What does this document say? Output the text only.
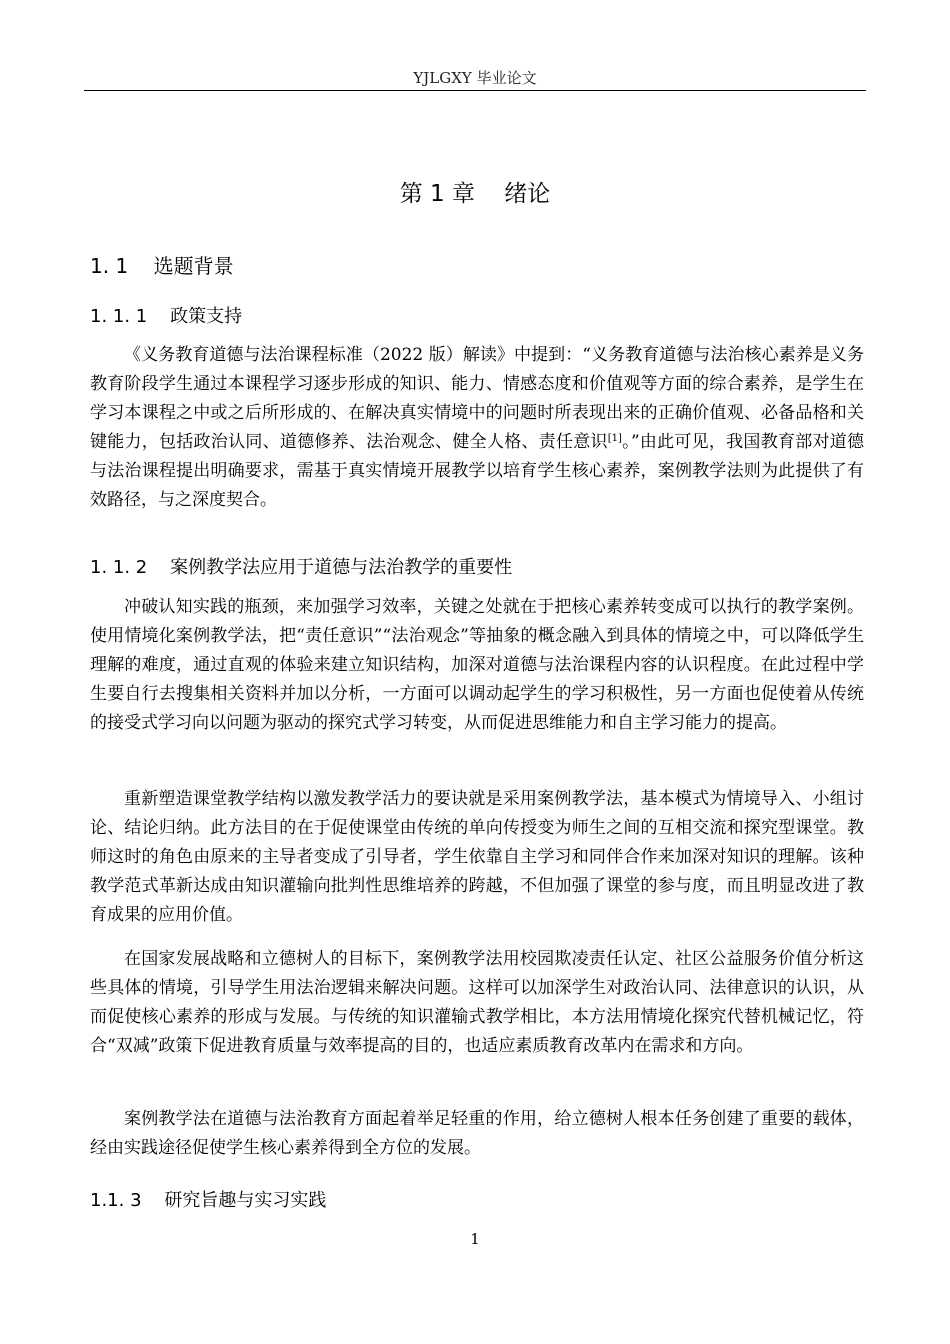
YJLGXY 毕业论文
第 1 章    绪论
1. 1    选题背景
1. 1. 1    政策支持

《义务教育道德与法治课程标准（2022 版）解读》中提到：“义务教育道德与法治核心素养是义务教育阶段学生通过本课程学习逐步形成的知识、能力、情感态度和价值观等方面的综合素养，是学生在学习本课程之中或之后所形成的、在解决真实情境中的问题时所表现出来的正确价值观、必备品格和关键能力，包括政治认同、道德修养、法治观念、健全人格、责任意识[1]。”由此可见，我国教育部对道德与法治课程提出明确要求，需基于真实情境开展教学以培育学生核心素养，案例教学法则为此提供了有效路径，与之深度契合。

1. 1. 2    案例教学法应用于道德与法治教学的重要性

冲破认知实践的瓶颈，来加强学习效率，关键之处就在于把核心素养转变成可以执行的教学案例。使用情境化案例教学法，把“责任意识”“法治观念”等抽象的概念融入到具体的情境之中，可以降低学生理解的难度，通过直观的体验来建立知识结构，加深对道德与法治课程内容的认识程度。在此过程中学生要自行去搜集相关资料并加以分析，一方面可以调动起学生的学习积极性，另一方面也促使着从传统的接受式学习向以问题为驱动的探究式学习转变，从而促进思维能力和自主学习能力的提高。

重新塑造课堂教学结构以激发教学活力的要诀就是采用案例教学法，基本模式为情境导入、小组讨论、结论归纳。此方法目的在于促使课堂由传统的单向传授变为师生之间的互相交流和探究型课堂。教师这时的角色由原来的主导者变成了引导者，学生依靠自主学习和同伴合作来加深对知识的理解。该种教学范式革新达成由知识灌输向批判性思维培养的跨越，不但加强了课堂的参与度，而且明显改进了教育成果的应用价值。

在国家发展战略和立德树人的目标下，案例教学法用校园欺凌责任认定、社区公益服务价值分析这些具体的情境，引导学生用法治逻辑来解决问题。这样可以加深学生对政治认同、法律意识的认识，从而促使核心素养的形成与发展。与传统的知识灌输式教学相比，本方法用情境化探究代替机械记忆，符合“双减”政策下促进教育质量与效率提高的目的，也适应素质教育改革内在需求和方向。

案例教学法在道德与法治教育方面起着举足轻重的作用，给立德树人根本任务创建了重要的载体，经由实践途径促使学生核心素养得到全方位的发展。

1.1. 3    研究旨趣与实习实践
1
